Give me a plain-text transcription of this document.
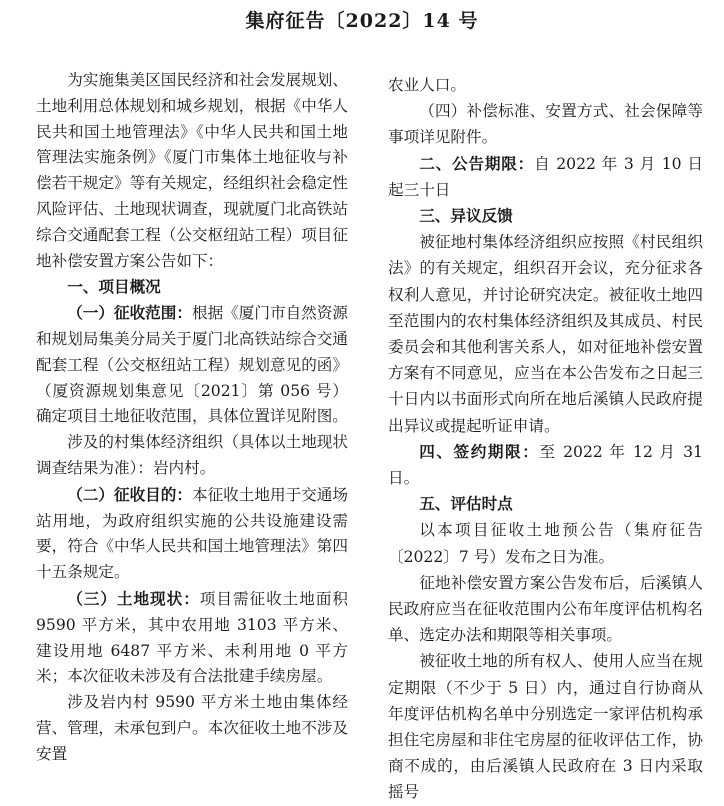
集府征告〔2022〕14 号

为实施集美区国民经济和社会发展规划、土地利用总体规划和城乡规划，根据《中华人民共和国土地管理法》《中华人民共和国土地管理法实施条例》《厦门市集体土地征收与补偿若干规定》等有关规定，经组织社会稳定性风险评估、土地现状调查，现就厦门北高铁站综合交通配套工程（公交枢纽站工程）项目征地补偿安置方案公告如下：

一、项目概况

（一）征收范围：根据《厦门市自然资源和规划局集美分局关于厦门北高铁站综合交通配套工程（公交枢纽站工程）规划意见的函》（厦资源规划集意见〔2021〕第 056 号）确定项目土地征收范围，具体位置详见附图。

涉及的村集体经济组织（具体以土地现状调查结果为准）：岩内村。

（二）征收目的：本征收土地用于交通场站用地，为政府组织实施的公共设施建设需要，符合《中华人民共和国土地管理法》第四十五条规定。

（三）土地现状：项目需征收土地面积 9590 平方米，其中农用地 3103 平方米、建设用地 6487 平方米、未利用地 0 平方米；本次征收未涉及有合法批建手续房屋。

涉及岩内村 9590 平方米土地由集体经营、管理，未承包到户。本次征收土地不涉及安置

农业人口。

（四）补偿标准、安置方式、社会保障等事项详见附件。

二、公告期限：自 2022 年 3 月 10 日起三十日

三、异议反馈

被征地村集体经济组织应按照《村民组织法》的有关规定，组织召开会议，充分征求各权利人意见，并讨论研究决定。被征收土地四至范围内的农村集体经济组织及其成员、村民委员会和其他利害关系人，如对征地补偿安置方案有不同意见，应当在本公告发布之日起三十日内以书面形式向所在地后溪镇人民政府提出异议或提起听证申请。

四、签约期限：至 2022 年 12 月 31 日。

五、评估时点

以本项目征收土地预公告（集府征告〔2022〕7 号）发布之日为准。

征地补偿安置方案公告发布后，后溪镇人民政府应当在征收范围内公布年度评估机构名单、选定办法和期限等相关事项。

被征收土地的所有权人、使用人应当在规定期限（不少于 5 日）内，通过自行协商从年度评估机构名单中分别选定一家评估机构承担住宅房屋和非住宅房屋的征收评估工作，协商不成的，由后溪镇人民政府在 3 日内采取摇号
